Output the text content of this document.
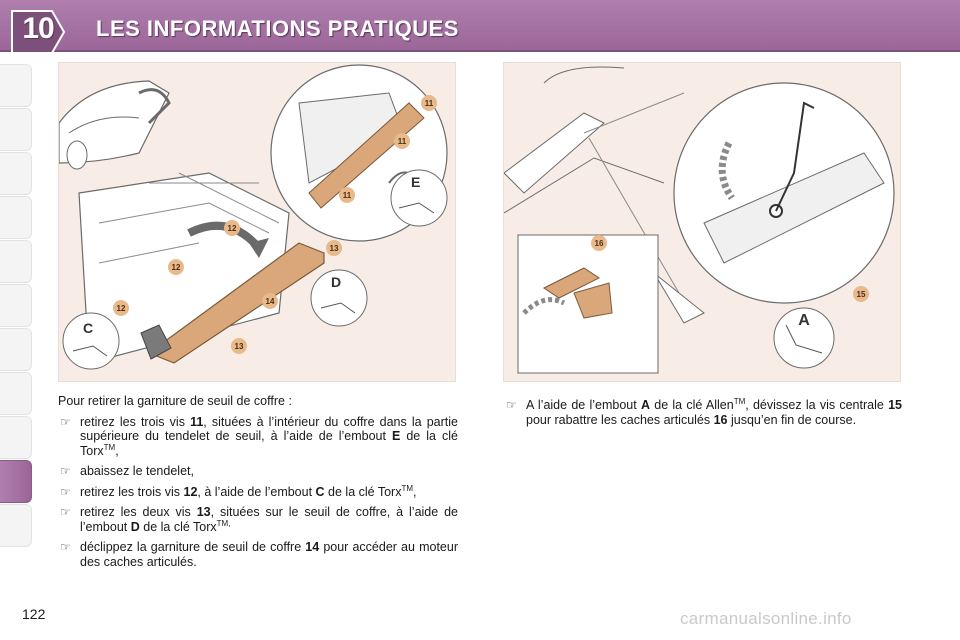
10	LES INFORMATIONS PRATIQUES
11
11
11
12
12
12
13
13
14
E
D
C
16
15
A
Pour retirer la garniture de seuil de coffre :
☞ retirez les trois vis 11, situées à l’intérieur du coffre dans la partie supérieure du tendelet de seuil, à l’aide de l’embout E de la clé Torx™,
☞ abaissez le tendelet,
☞ retirez les trois vis 12, à l’aide de l’embout C de la clé Torx™,
☞ retirez les deux vis 13, situées sur le seuil de coffre, à l’aide de l’embout D de la clé Torx$^{TM,}$
☞ déclippez la garniture de seuil de coffre 14 pour accéder au moteur des caches articulés.
☞ A l’aide de l’embout A de la clé Allen™, dévissez la vis centrale 15 pour rabattre les caches articulés 16 jusqu’en fin de course.
122	carmanualsonline.info
